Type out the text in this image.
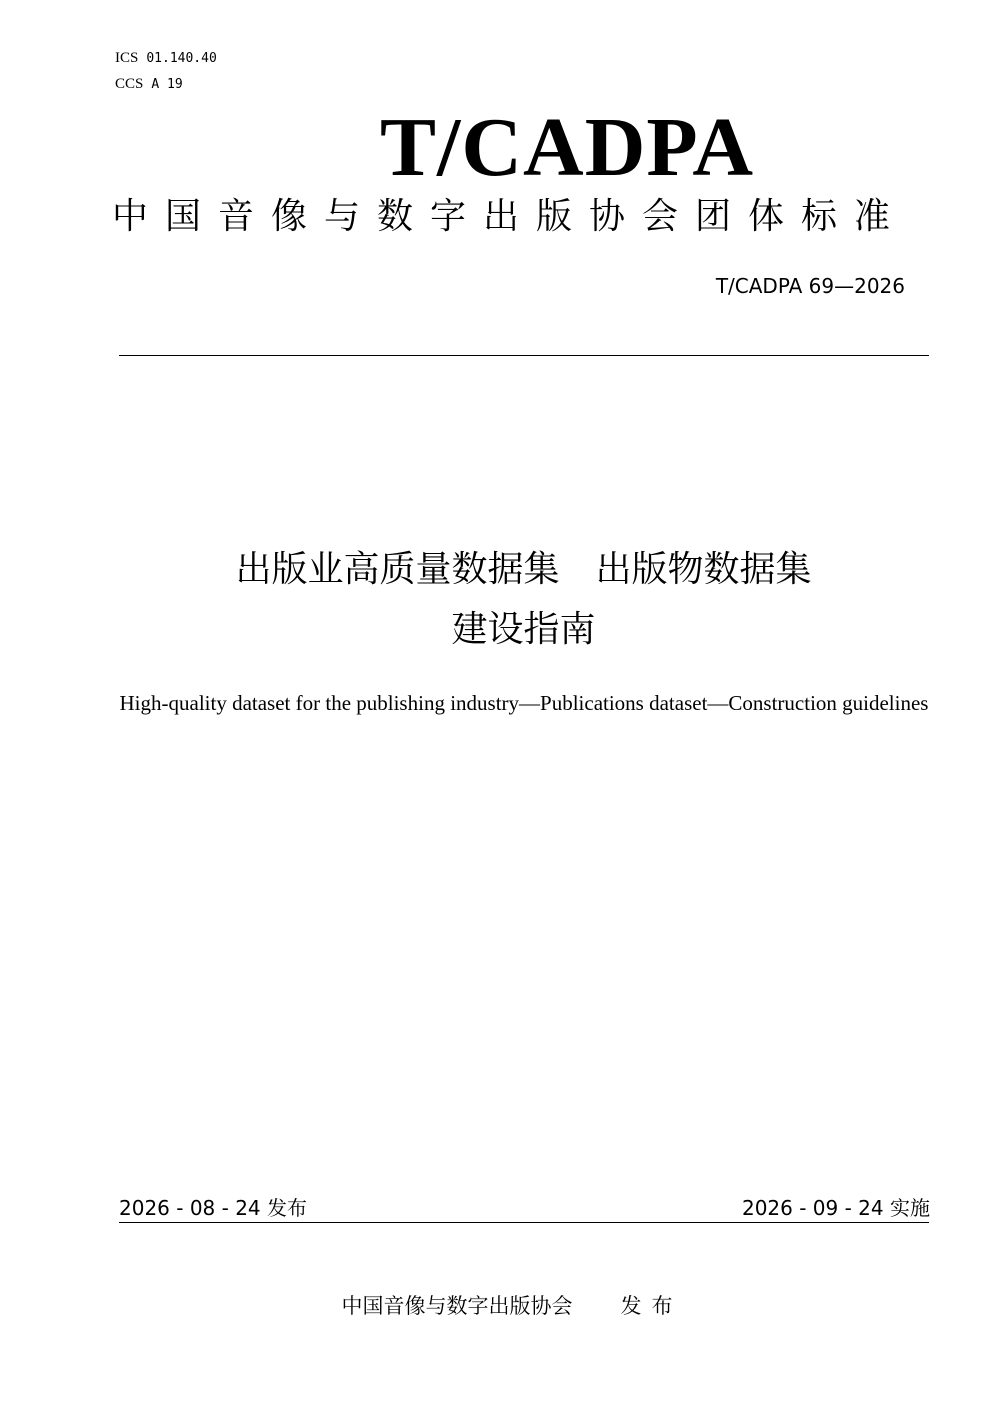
ICS 01.140.40
CCS A 19
T/CADPA
中国音像与数字出版协会团体标准
T/CADPA 69—2026
出版业高质量数据集　出版物数据集
建设指南
High-quality dataset for the publishing industry—Publications dataset—Construction guidelines
2026 - 08 - 24 发布	2026 - 09 - 24 实施
中国音像与数字出版协会 发布
